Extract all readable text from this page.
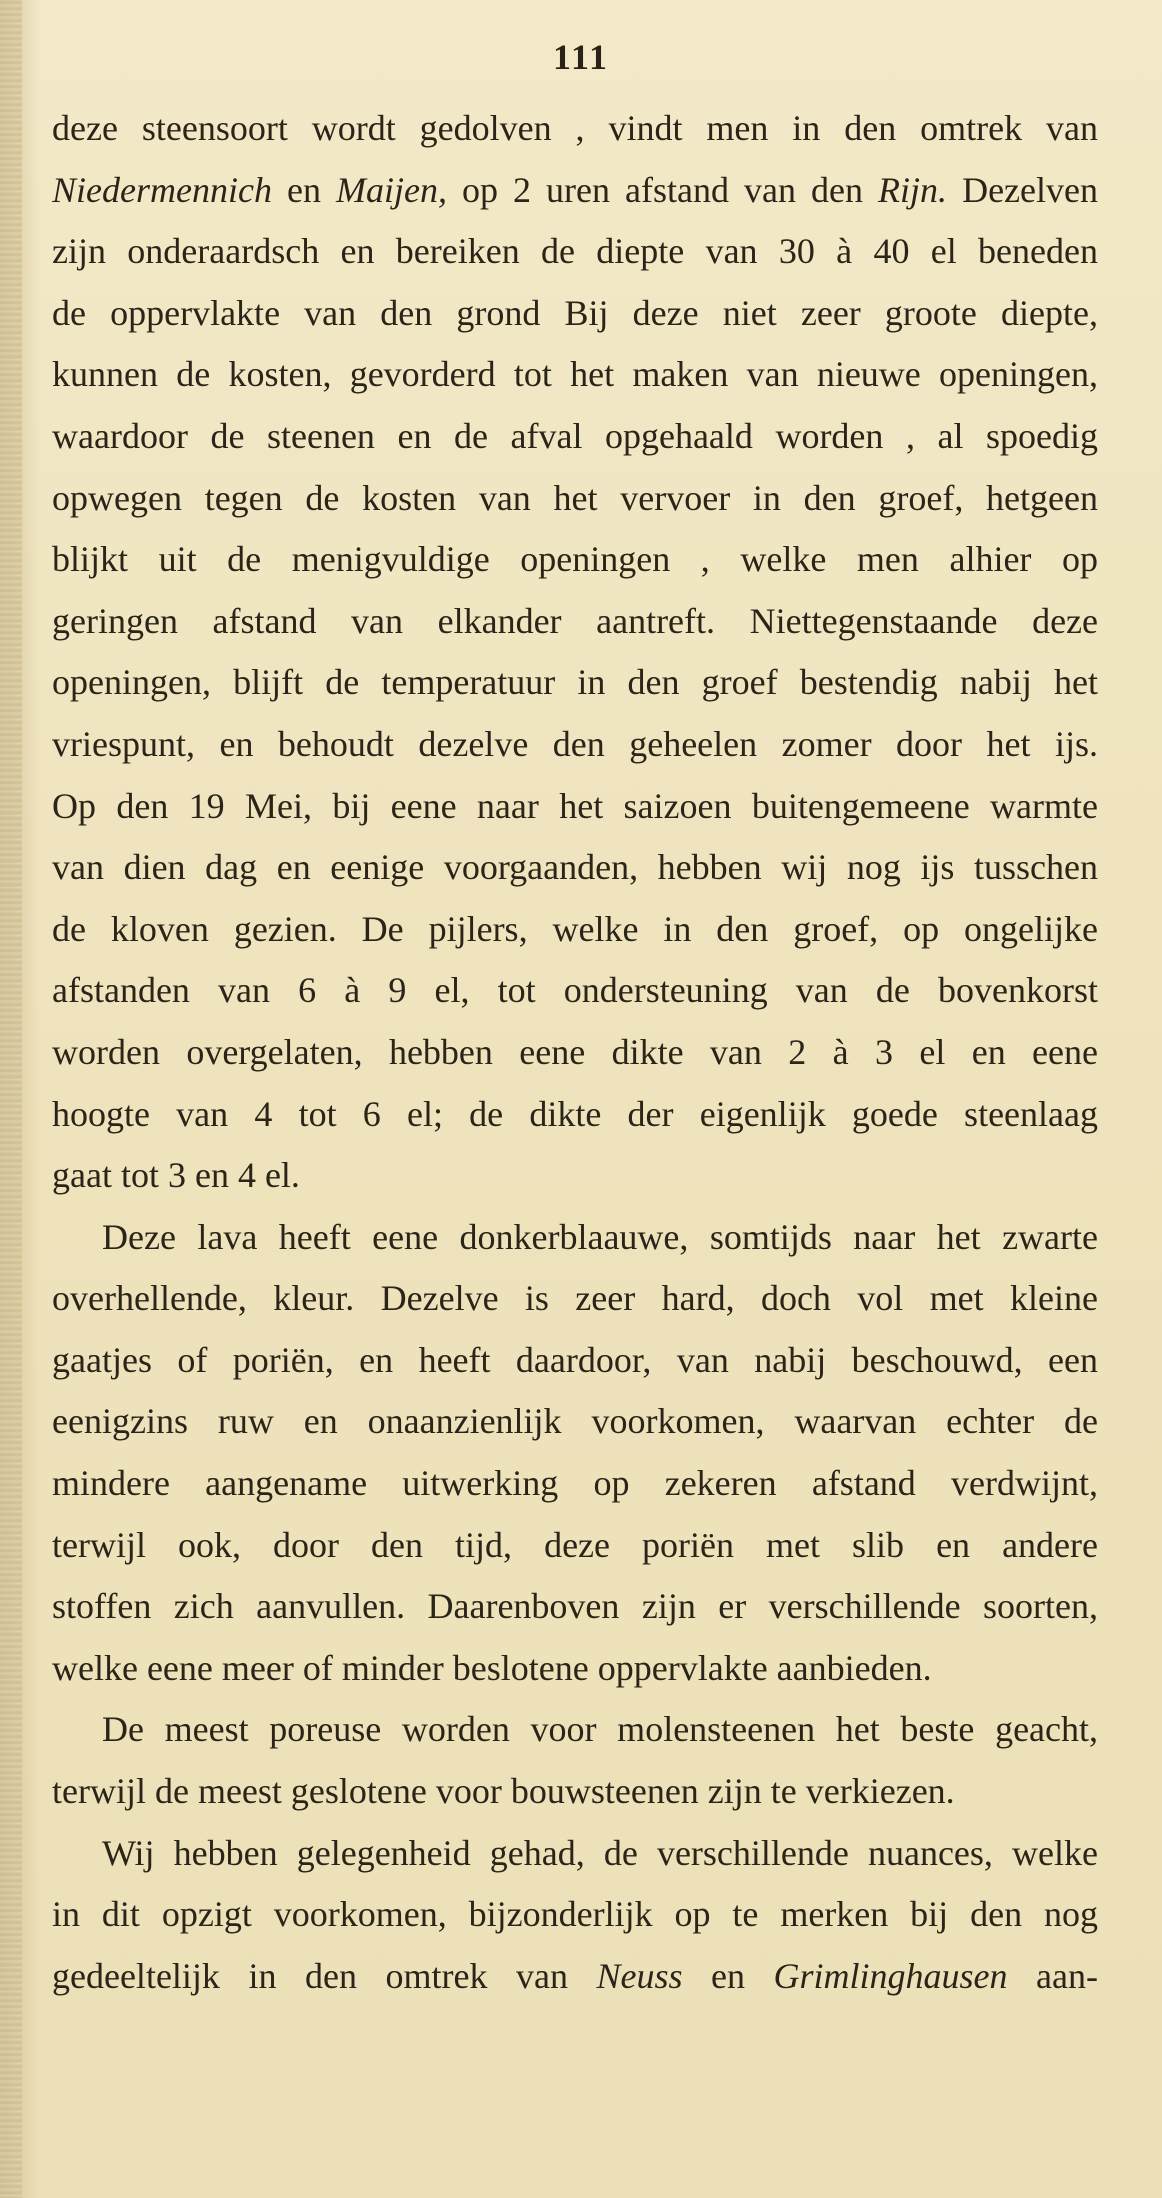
111
deze steensoort wordt gedolven , vindt men in den omtrek van
Niedermennich en Maijen, op 2 uren afstand van den Rijn. Dezelven
zijn onderaardsch en bereiken de diepte van 30 à 40 el beneden
de oppervlakte van den grond Bij deze niet zeer groote diepte,
kunnen de kosten, gevorderd tot het maken van nieuwe openingen,
waardoor de steenen en de afval opgehaald worden , al spoedig
opwegen tegen de kosten van het vervoer in den groef, hetgeen
blijkt uit de menigvuldige openingen , welke men alhier op
geringen afstand van elkander aantreft. Niettegenstaande deze
openingen, blijft de temperatuur in den groef bestendig nabij het
vriespunt, en behoudt dezelve den geheelen zomer door het ijs.
Op den 19 Mei, bij eene naar het saizoen buitengemeene warmte
van dien dag en eenige voorgaanden, hebben wij nog ijs tusschen
de kloven gezien. De pijlers, welke in den groef, op ongelijke
afstanden van 6 à 9 el, tot ondersteuning van de bovenkorst
worden overgelaten, hebben eene dikte van 2 à 3 el en eene
hoogte van 4 tot 6 el; de dikte der eigenlijk goede steenlaag
gaat tot 3 en 4 el.
Deze lava heeft eene donkerblaauwe, somtijds naar het zwarte
overhellende, kleur. Dezelve is zeer hard, doch vol met kleine
gaatjes of poriën, en heeft daardoor, van nabij beschouwd, een
eenigzins ruw en onaanzienlijk voorkomen, waarvan echter de
mindere aangename uitwerking op zekeren afstand verdwijnt,
terwijl ook, door den tijd, deze poriën met slib en andere
stoffen zich aanvullen. Daarenboven zijn er verschillende soorten,
welke eene meer of minder beslotene oppervlakte aanbieden.
De meest poreuse worden voor molensteenen het beste geacht,
terwijl de meest geslotene voor bouwsteenen zijn te verkiezen.
Wij hebben gelegenheid gehad, de verschillende nuances, welke
in dit opzigt voorkomen, bijzonderlijk op te merken bij den nog
gedeeltelijk in den omtrek van Neuss en Grimlinghausen aan-
